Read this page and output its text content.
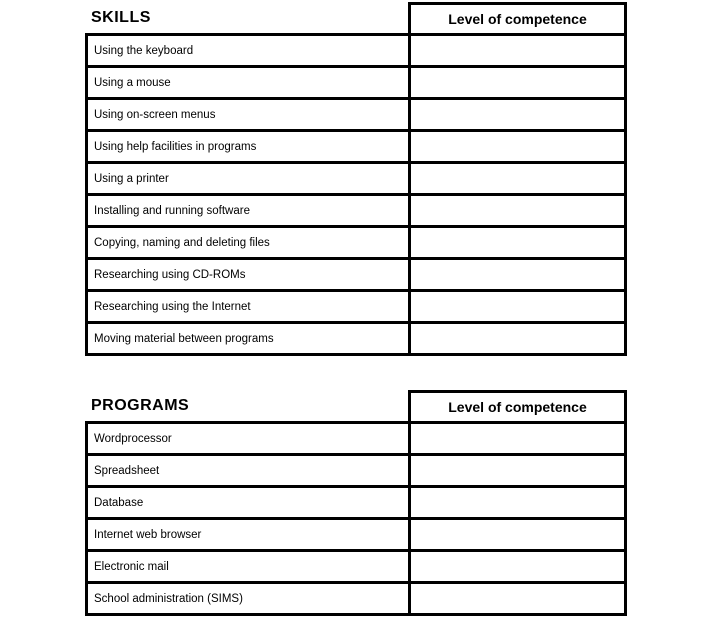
SKILLS	Level of competence
Using the keyboard
Using a mouse
Using on-screen menus
Using help facilities in programs
Using a printer
Installing and running software
Copying, naming and deleting files
Researching using CD-ROMs
Researching using the Internet
Moving material between programs
PROGRAMS	Level of competence
Wordprocessor
Spreadsheet
Database
Internet web browser
Electronic mail
School administration (SIMS)
